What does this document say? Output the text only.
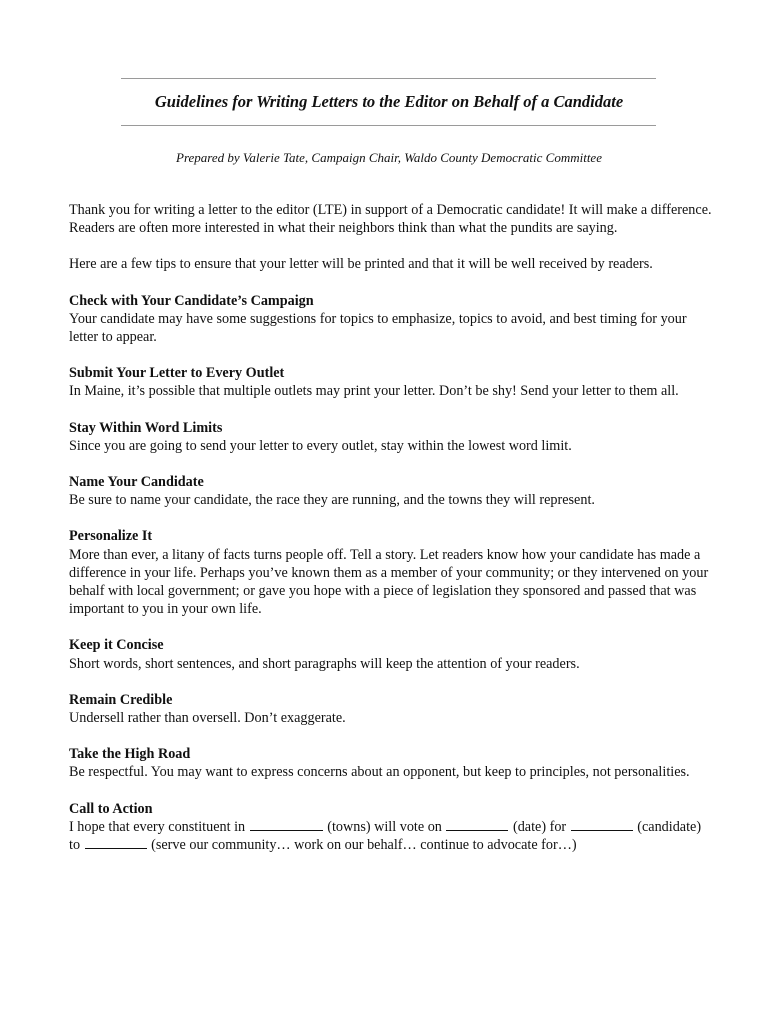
Guidelines for Writing Letters to the Editor on Behalf of a Candidate
Prepared by Valerie Tate, Campaign Chair, Waldo County Democratic Committee

Thank you for writing a letter to the editor (LTE) in support of a Democratic candidate! It will make a difference. Readers are often more interested in what their neighbors think than what the pundits are saying.

Here are a few tips to ensure that your letter will be printed and that it will be well received by readers.

Check with Your Candidate’s Campaign

Your candidate may have some suggestions for topics to emphasize, topics to avoid, and best timing for your letter to appear.

Submit Your Letter to Every Outlet

In Maine, it’s possible that multiple outlets may print your letter. Don’t be shy! Send your letter to them all.

Stay Within Word Limits

Since you are going to send your letter to every outlet, stay within the lowest word limit.

Name Your Candidate

Be sure to name your candidate, the race they are running, and the towns they will represent.

Personalize It

More than ever, a litany of facts turns people off. Tell a story. Let readers know how your candidate has made a difference in your life. Perhaps you’ve known them as a member of your community; or they intervened on your behalf with local government; or gave you hope with a piece of legislation they sponsored and passed that was important to you in your own life.

Keep it Concise

Short words, short sentences, and short paragraphs will keep the attention of your readers.

Remain Credible

Undersell rather than oversell. Don’t exaggerate.

Take the High Road

Be respectful. You may want to express concerns about an opponent, but keep to principles, not personalities.

Call to Action

I hope that every constituent in	(towns) will vote on	(date) for	(candidate) to	(serve our community… work on our behalf… continue to advocate for…)
